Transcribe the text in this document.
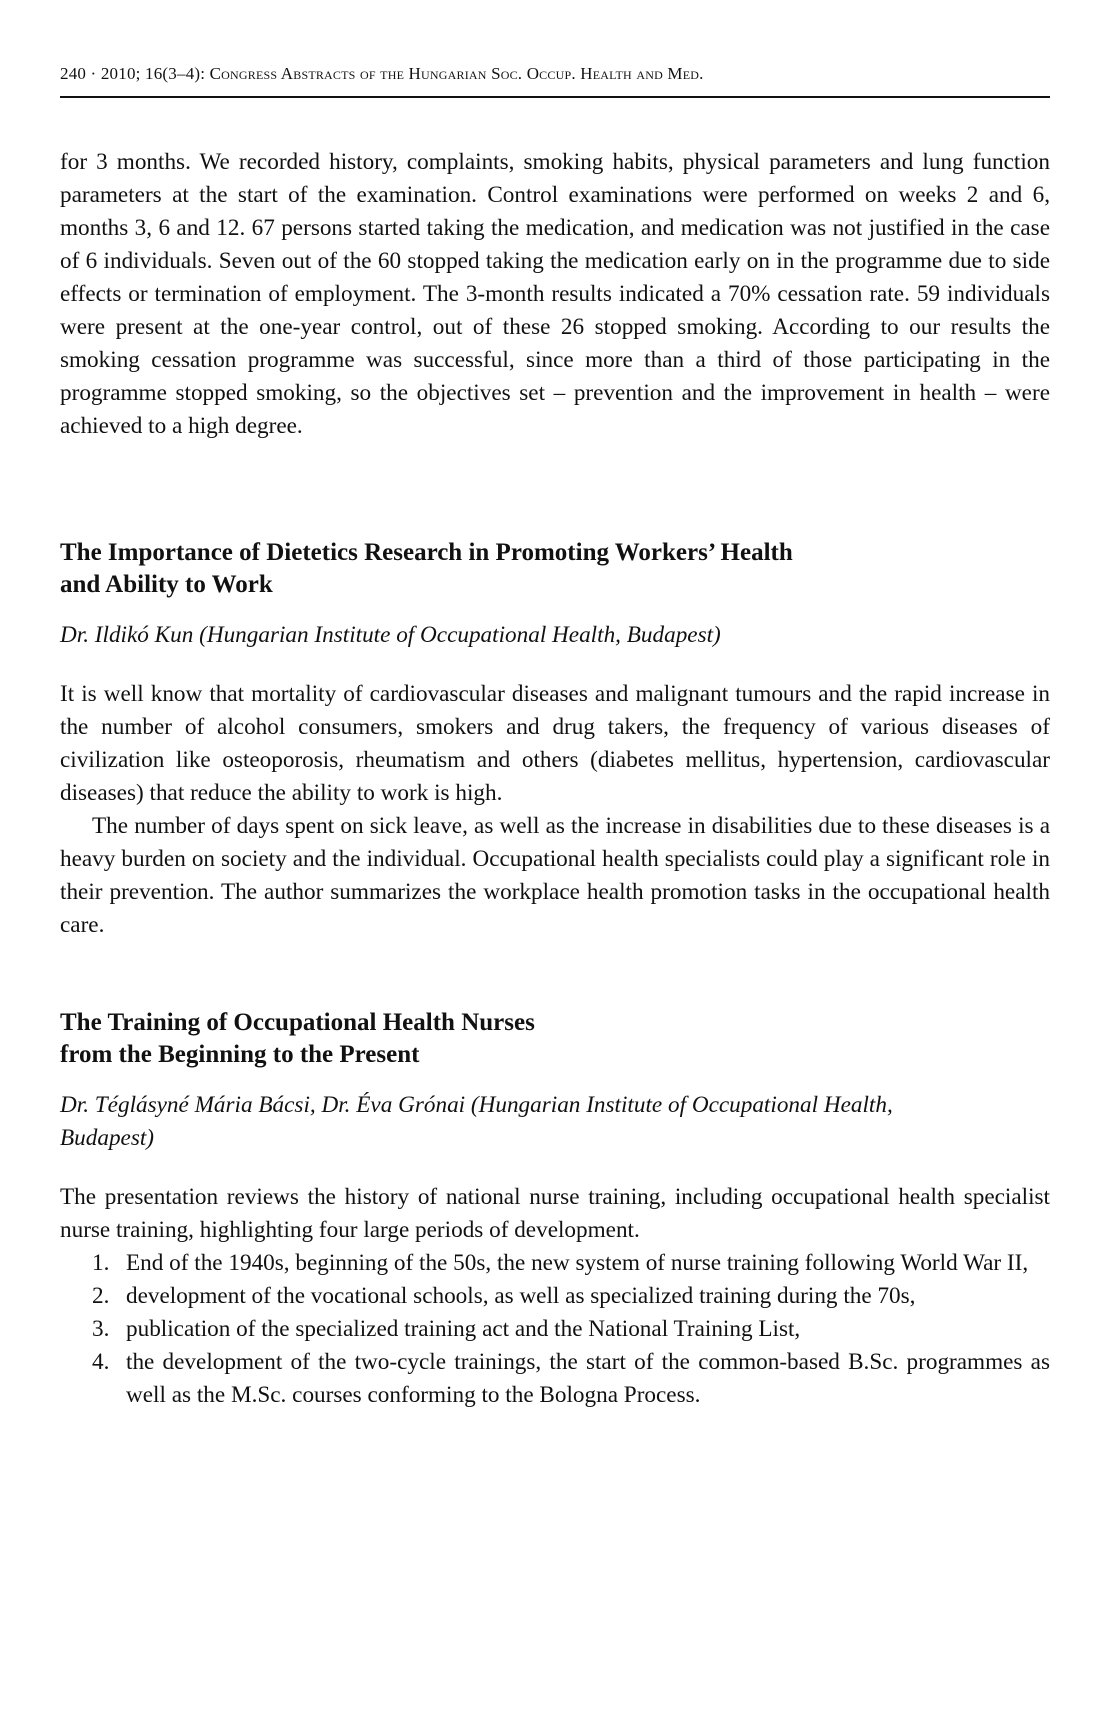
240 · 2010; 16(3–4): Congress Abstracts of the Hungarian Soc. Occup. Health and Med.

for 3 months. We recorded history, complaints, smoking habits, physical parameters and lung function parameters at the start of the examination. Control examinations were performed on weeks 2 and 6, months 3, 6 and 12. 67 persons started taking the medication, and medication was not justified in the case of 6 individuals. Seven out of the 60 stopped taking the medication early on in the programme due to side effects or termination of employment. The 3-month results indicated a 70% cessation rate. 59 individuals were present at the one-year control, out of these 26 stopped smoking. According to our results the smoking cessation programme was successful, since more than a third of those participating in the programme stopped smoking, so the objectives set – prevention and the improvement in health – were achieved to a high degree.

The Importance of Dietetics Research in Promoting Workers’ Health
and Ability to Work

Dr. Ildikó Kun (Hungarian Institute of Occupational Health, Budapest)

It is well know that mortality of cardiovascular diseases and malignant tumours and the rapid increase in the number of alcohol consumers, smokers and drug takers, the frequency of various diseases of civilization like osteoporosis, rheumatism and others (diabetes mellitus, hypertension, cardiovascular diseases) that reduce the ability to work is high.

The number of days spent on sick leave, as well as the increase in disabilities due to these diseases is a heavy burden on society and the individual. Occupational health specialists could play a significant role in their prevention. The author summarizes the workplace health promotion tasks in the occupational health care.

The Training of Occupational Health Nurses
from the Beginning to the Present

Dr. Téglásyné Mária Bácsi, Dr. Éva Grónai (Hungarian Institute of Occupational Health, Budapest)

The presentation reviews the history of national nurse training, including occupational health specialist nurse training, highlighting four large periods of development.

1. End of the 1940s, beginning of the 50s, the new system of nurse training following World War II,
2. development of the vocational schools, as well as specialized training during the 70s,
3. publication of the specialized training act and the National Training List,
4. the development of the two-cycle trainings, the start of the common-based B.Sc. programmes as well as the M.Sc. courses conforming to the Bologna Process.
